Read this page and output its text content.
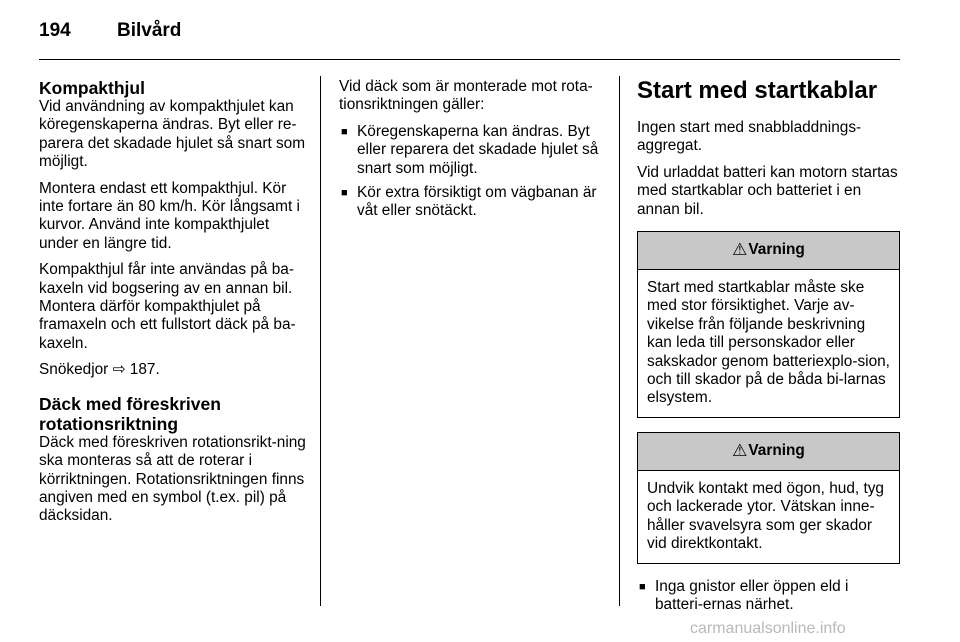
194 Bilvård
Kompakthjul
Vid användning av kompakthjulet kan köregenskaperna ändras. Byt eller re-parera det skadade hjulet så snart som möjligt.
Montera endast ett kompakthjul. Kör inte fortare än 80 km/h. Kör långsamt i kurvor. Använd inte kompakthjulet under en längre tid.
Kompakthjul får inte användas på ba-kaxeln vid bogsering av en annan bil. Montera därför kompakthjulet på framaxeln och ett fullstort däck på ba-kaxeln.
Snökedjor ⇨ 187.
Däck med föreskriven rotationsriktning
Däck med föreskriven rotationsrikt-ning ska monteras så att de roterar i körriktningen. Rotationsriktningen finns angiven med en symbol (t.ex. pil) på däcksidan.
Vid däck som är monterade mot rota-tionsriktningen gäller:
■ Köregenskaperna kan ändras. Byt eller reparera det skadade hjulet så snart som möjligt.
■ Kör extra försiktigt om vägbanan är våt eller snötäckt.
Start med startkablar
Ingen start med snabbladdnings-aggregat.
Vid urladdat batteri kan motorn startas med startkablar och batteriet i en annan bil.
⚠ Varning
Start med startkablar måste ske med stor försiktighet. Varje av-vikelse från följande beskrivning kan leda till personskador eller sakskador genom batteriexplo-sion, och till skador på de båda bi-larnas elsystem.
⚠ Varning
Undvik kontakt med ögon, hud, tyg och lackerade ytor. Vätskan inne-håller svavelsyra som ger skador vid direktkontakt.
■ Inga gnistor eller öppen eld i batteri-ernas närhet.
carmanualsonline.info
